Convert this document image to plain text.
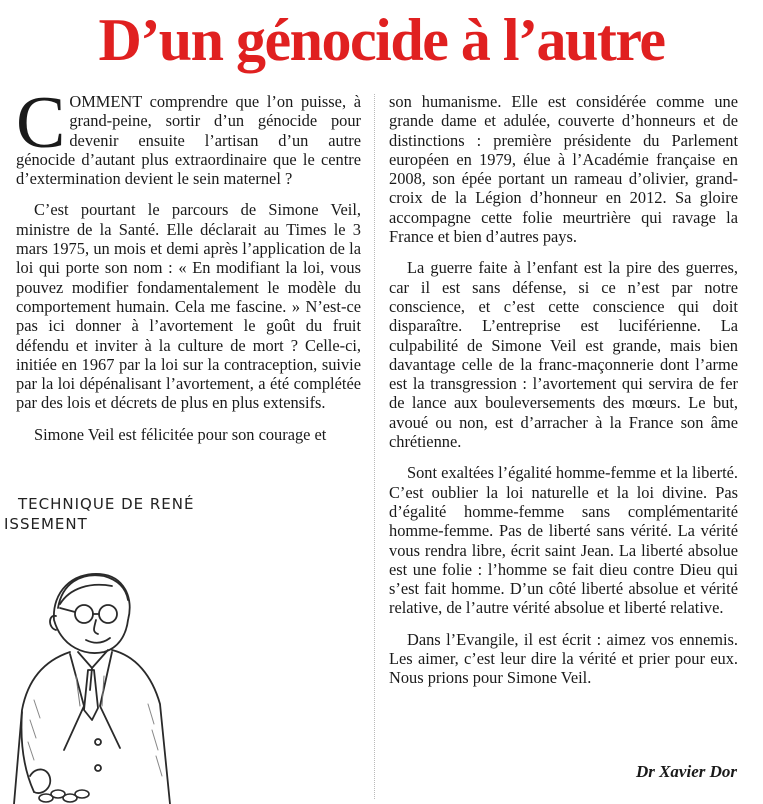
D’un génocide à l’autre

COMMENT comprendre que l’on puisse, à grand-peine, sortir d’un génocide pour devenir ensuite l’artisan d’un autre génocide d’autant plus extraordinaire que le centre d’extermination devient le sein maternel ?

C’est pourtant le parcours de Simone Veil, ministre de la Santé. Elle déclarait au Times le 3 mars 1975, un mois et demi après l’application de la loi qui porte son nom : « En modifiant la loi, vous pouvez modifier fondamentalement le modèle du comportement humain. Cela me fascine. » N’est-ce pas ici donner à l’avortement le goût du fruit défendu et inviter à la culture de mort ? Celle-ci, initiée en 1967 par la loi sur la contraception, suivie par la loi dépénalisant l’avortement, a été complétée par des lois et décrets de plus en plus extensifs.

Simone Veil est félicitée pour son courage et

son humanisme. Elle est considérée comme une grande dame et adulée, couverte d’honneurs et de distinctions : première présidente du Parlement européen en 1979, élue à l’Académie française en 2008, son épée portant un rameau d’olivier, grand-croix de la Légion d’honneur en 2012. Sa gloire accompagne cette folie meurtrière qui ravage la France et bien d’autres pays.

La guerre faite à l’enfant est la pire des guerres, car il est sans défense, si ce n’est par notre conscience, et c’est cette conscience qui doit disparaître. L’entreprise est luciférienne. La culpabilité de Simone Veil est grande, mais bien davantage celle de la franc-maçonnerie dont l’arme est la transgression : l’avortement qui servira de fer de lance aux bouleversements des mœurs. Le but, avoué ou non, est d’arracher à la France son âme chrétienne.

Sont exaltées l’égalité homme-femme et la liberté. C’est oublier la loi naturelle et la loi divine. Pas d’égalité homme-femme sans complémentarité homme-femme. Pas de liberté sans vérité. La vérité vous rendra libre, écrit saint Jean. La liberté absolue est une folie : l’homme se fait dieu contre Dieu qui s’est fait homme. D’un côté liberté absolue et vérité relative, de l’autre vérité absolue et liberté relative.

Dans l’Evangile, il est écrit : aimez vos ennemis. Les aimer, c’est leur dire la vérité et prier pour eux. Nous prions pour Simone Veil.

Dr Xavier Dor
TECHNIQUE DE RENÉ
ISSEMENT
